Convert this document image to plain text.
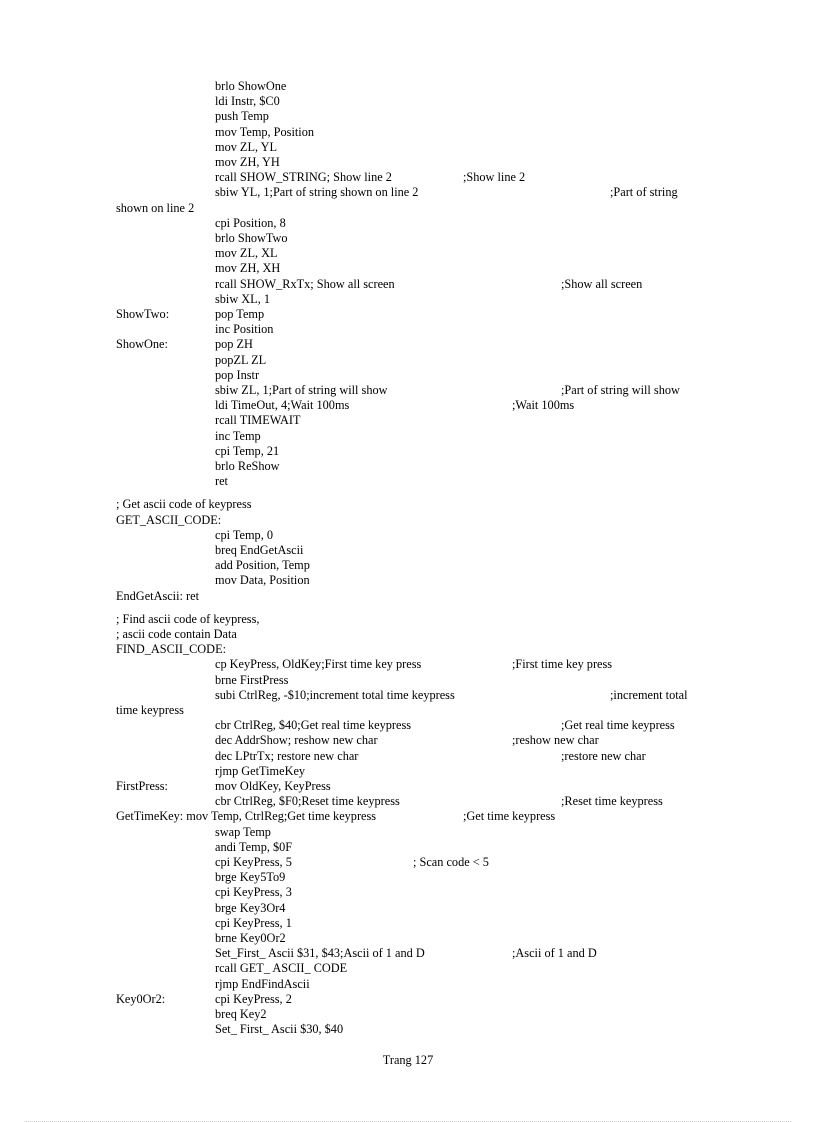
brlo ShowOne
ldi Instr, $C0
push Temp
mov Temp, Position
mov ZL, YL
mov ZH, YH
rcall SHOW_STRING; Show line 2	;Show line 2
sbiw YL, 1;Part of string shown on line 2	;Part of string
shown on line 2
cpi Position, 8
brlo ShowTwo
mov ZL, XL
mov ZH, XH
rcall SHOW_RxTx; Show all screen	;Show all screen
sbiw XL, 1
ShowTwo:	pop Temp
inc Position
ShowOne:	pop ZH
popZL ZL
pop Instr
sbiw ZL, 1;Part of string will show	;Part of string will show
ldi TimeOut, 4;Wait 100ms	;Wait 100ms
rcall TIMEWAIT
inc Temp
cpi Temp, 21
brlo ReShow
ret
; Get ascii code of keypress
GET_ASCII_CODE:
cpi Temp, 0
breq EndGetAscii
add Position, Temp
mov Data, Position
EndGetAscii: ret
; Find ascii code of keypress,
; ascii code contain Data
FIND_ASCII_CODE:
cp KeyPress, OldKey;First time key press	;First time key press
brne FirstPress
subi CtrlReg, -$10;increment total time keypress	;increment total
time keypress
cbr CtrlReg, $40;Get real time keypress	;Get real time keypress
dec AddrShow; reshow new char	;reshow new char
dec LPtrTx; restore new char	;restore new char
rjmp GetTimeKey
FirstPress:	mov OldKey, KeyPress
cbr CtrlReg, $F0;Reset time keypress	;Reset time keypress
GetTimeKey: mov Temp, CtrlReg;Get time keypress	;Get time keypress
swap Temp
andi Temp, $0F
cpi KeyPress, 5	; Scan code < 5
brge Key5To9
cpi KeyPress, 3
brge Key3Or4
cpi KeyPress, 1
brne Key0Or2
Set_First_ Ascii $31, $43;Ascii of 1 and D	;Ascii of 1 and D
rcall GET_ ASCII_ CODE
rjmp EndFindAscii
Key0Or2:	cpi KeyPress, 2
breq Key2
Set_ First_ Ascii $30, $40
Trang 127
